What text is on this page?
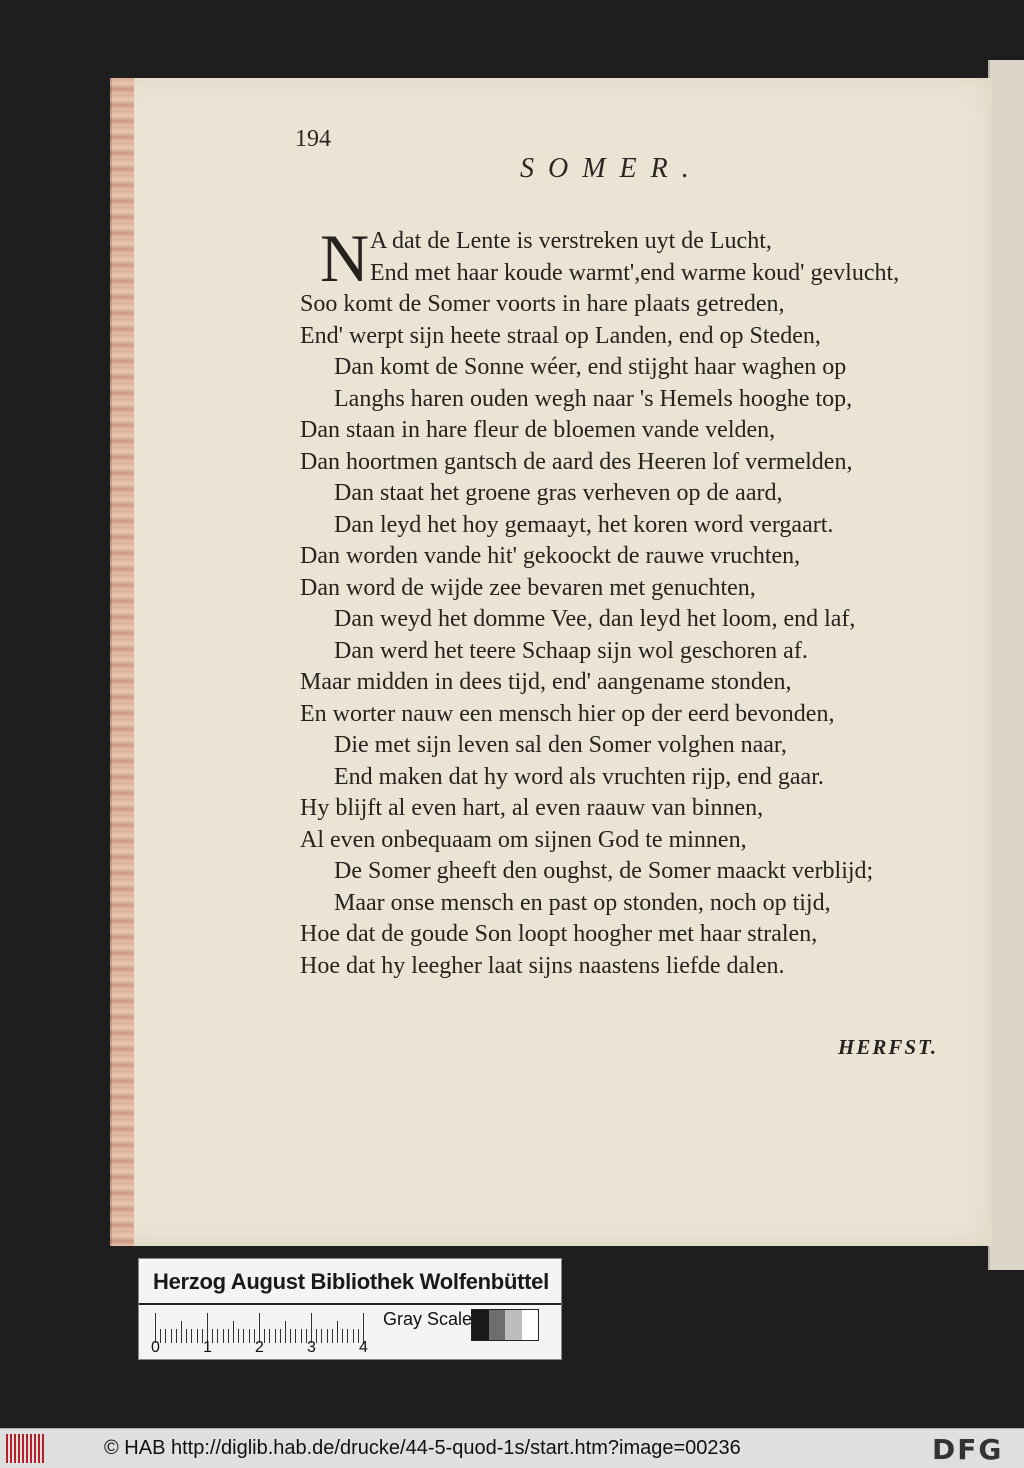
194
SOMER.
N A dat de Lente is verstreken uyt de Lucht,
End met haar koude warmt',end warme koud' gevlucht,
Soo komt de Somer voorts in hare plaats getreden,
End' werpt sijn heete straal op Landen, end op Steden,
Dan komt de Sonne wéer, end stijght haar waghen op
Langhs haren ouden wegh naar 's Hemels hooghe top,
Dan staan in hare fleur de bloemen vande velden,
Dan hoortmen gantsch de aard des Heeren lof vermelden,
Dan staat het groene gras verheven op de aard,
Dan leyd het hoy gemaayt, het koren word vergaart.
Dan worden vande hit' gekoockt de rauwe vruchten,
Dan word de wijde zee bevaren met genuchten,
Dan weyd het domme Vee, dan leyd het loom, end laf,
Dan werd het teere Schaap sijn wol geschoren af.
Maar midden in dees tijd, end' aangename stonden,
En worter nauw een mensch hier op der eerd bevonden,
Die met sijn leven sal den Somer volghen naar,
End maken dat hy word als vruchten rijp, end gaar.
Hy blijft al even hart, al even raauw van binnen,
Al even onbequaam om sijnen God te minnen,
De Somer gheeft den oughst, de Somer maackt verblijd;
Maar onse mensch en past op stonden, noch op tijd,
Hoe dat de goude Son loopt hoogher met haar stralen,
Hoe dat hy leegher laat sijns naastens liefde dalen.
HERFST.
Herzog August Bibliothek Wolfenbüttel
0	1	2	3	4
Gray Scale
© HAB http://diglib.hab.de/drucke/44-5-quod-1s/start.htm?image=00236	DFG
